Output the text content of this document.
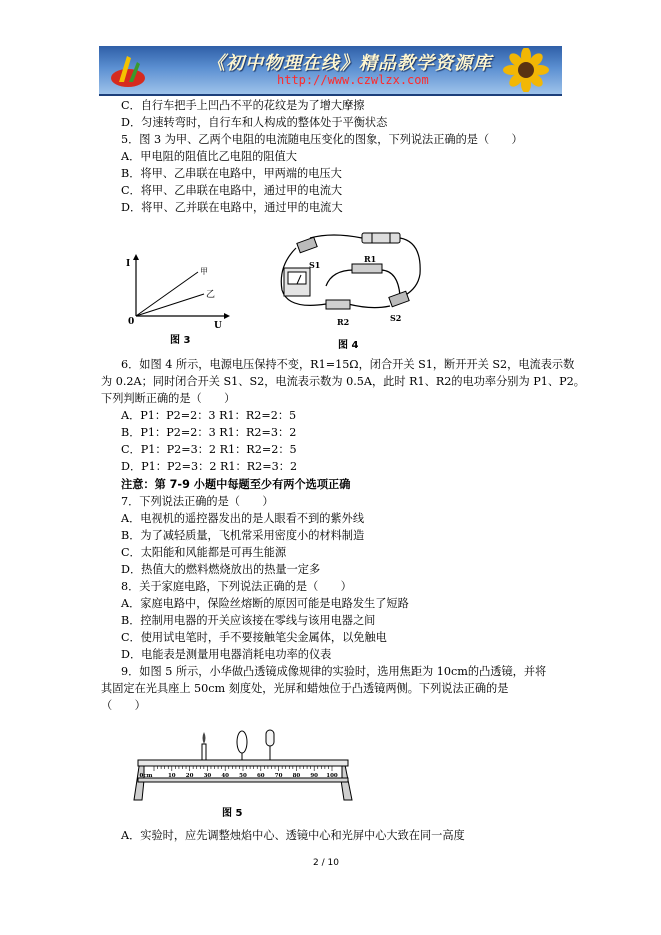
《初中物理在线》精品教学资源库
http://www.czwlzx.com
C．自行车把手上凹凸不平的花纹是为了增大摩擦
D．匀速转弯时，自行车和人构成的整体处于平衡状态
5．图 3 为甲、乙两个电阻的电流随电压变化的图象，下列说法正确的是（　　）
A．甲电阻的阻值比乙电阻的阻值大
B．将甲、乙串联在电路中，甲两端的电压大
C．将甲、乙串联在电路中，通过甲的电流大
D．将甲、乙并联在电路中，通过甲的电流大
I
U
0
甲
乙
图 3
S1
R1
R2	S2
图 4
6．如图 4 所示，电源电压保持不变，R1=15Ω，闭合开关 S1，断开开关 S2，电流表示数
为 0.2A；同时闭合开关 S1、S2，电流表示数为 0.5A，此时 R1、R2的电功率分别为 P1、P2。
下列判断正确的是（　　）
A．P1：P2=2：3 R1：R2=2：5
B．P1：P2=2：3 R1：R2=3：2
C．P1：P2=3：2 R1：R2=2：5
D．P1：P2=3：2 R1：R2=3：2
注意：第 7-9 小题中每题至少有两个选项正确
7．下列说法正确的是（　　）
A．电视机的遥控器发出的是人眼看不到的紫外线
B．为了减轻质量，飞机常采用密度小的材料制造
C．太阳能和风能都是可再生能源
D．热值大的燃料燃烧放出的热量一定多
8．关于家庭电路，下列说法正确的是（　　）
A．家庭电路中，保险丝熔断的原因可能是电路发生了短路
B．控制用电器的开关应该接在零线与该用电器之间
C．使用试电笔时，手不要接触笔尖金属体，以免触电
D．电能表是测量用电器消耗电功率的仪表
9．如图 5 所示，小华做凸透镜成像规律的实验时，选用焦距为 10cm的凸透镜，并将
其固定在光具座上 50cm 刻度处，光屏和蜡烛位于凸透镜两侧。下列说法正确的是
（　　）
0cm	10 20 30 40 50 60 70 80 90 100
图 5
A．实验时，应先调整烛焰中心、透镜中心和光屏中心大致在同一高度
2 / 10
